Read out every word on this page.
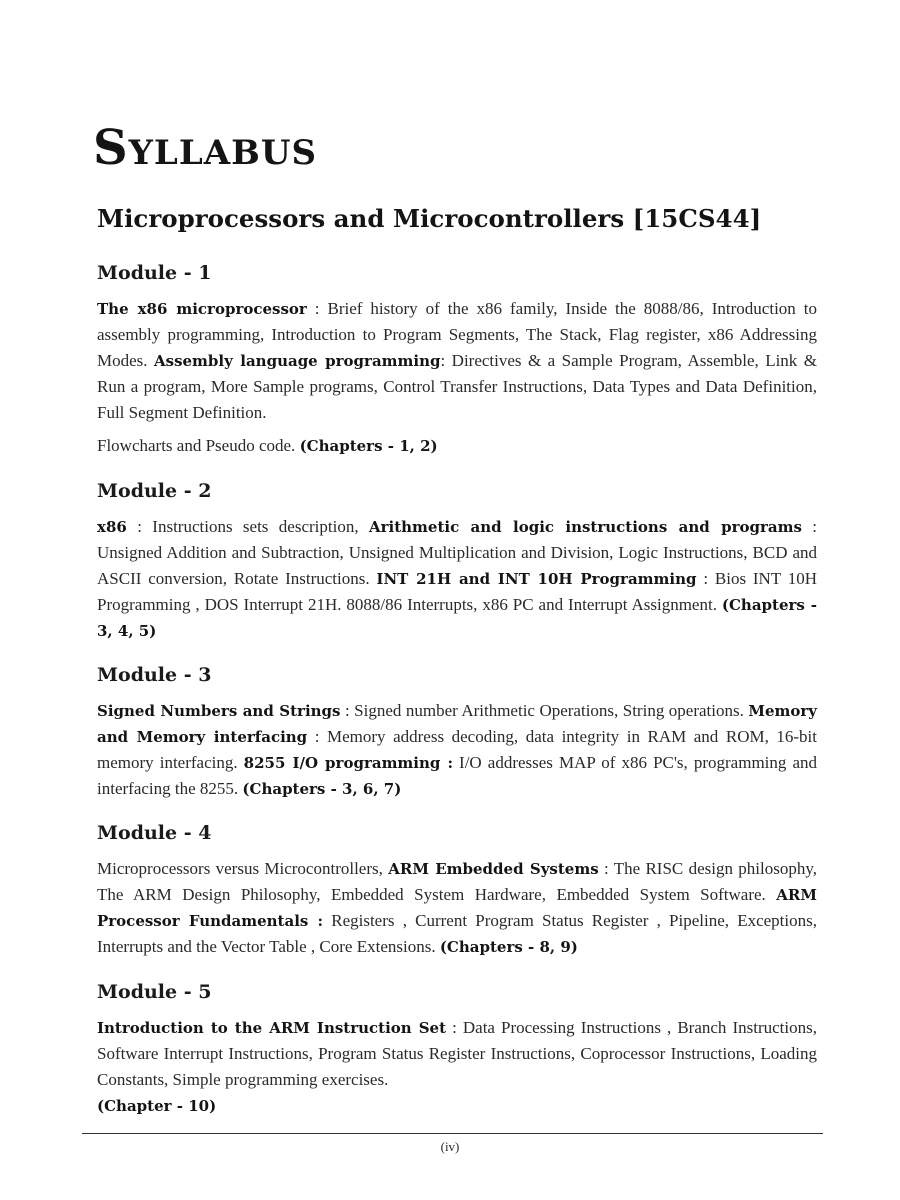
Syllabus
Microprocessors and Microcontrollers [15CS44]
Module - 1

The x86 microprocessor : Brief history of the x86 family, Inside the 8088/86, Introduction to assembly programming, Introduction to Program Segments, The Stack, Flag register, x86 Addressing Modes. Assembly language programming: Directives & a Sample Program, Assemble, Link & Run a program, More Sample programs, Control Transfer Instructions, Data Types and Data Definition, Full Segment Definition.

Flowcharts and Pseudo code. (Chapters - 1, 2)

Module - 2

x86 : Instructions sets description, Arithmetic and logic instructions and programs : Unsigned Addition and Subtraction, Unsigned Multiplication and Division, Logic Instructions, BCD and ASCII conversion, Rotate Instructions. INT 21H and INT 10H Programming : Bios INT 10H Programming , DOS Interrupt 21H. 8088/86 Interrupts, x86 PC and Interrupt Assignment. (Chapters - 3, 4, 5)

Module - 3

Signed Numbers and Strings : Signed number Arithmetic Operations, String operations. Memory and Memory interfacing : Memory address decoding, data integrity in RAM and ROM, 16-bit memory interfacing. 8255 I/O programming : I/O addresses MAP of x86 PC's, programming and interfacing the 8255. (Chapters - 3, 6, 7)

Module - 4

Microprocessors versus Microcontrollers, ARM Embedded Systems : The RISC design philosophy, The ARM Design Philosophy, Embedded System Hardware, Embedded System Software. ARM Processor Fundamentals : Registers , Current Program Status Register , Pipeline, Exceptions, Interrupts and the Vector Table , Core Extensions. (Chapters - 8, 9)

Module - 5

Introduction to the ARM Instruction Set : Data Processing Instructions , Branch Instructions, Software Interrupt Instructions, Program Status Register Instructions, Coprocessor Instructions, Loading Constants, Simple programming exercises.

(Chapter - 10)

(iv)
